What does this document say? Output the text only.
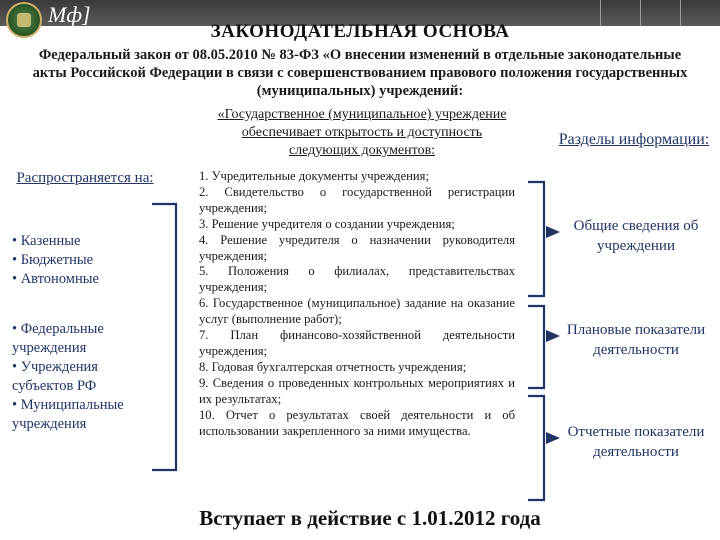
Мф]
ЗАКОНОДАТЕЛЬНАЯ ОСНОВА
Федеральный закон от 08.05.2010 № 83-ФЗ «О внесении изменений в отдельные законодательные акты Российской Федерации в связи с совершенствованием правового положения государственных (муниципальных) учреждений:
«Государственное (муниципальное) учреждение обеспечивает открытость и доступность следующих документов:
Распространяется на:
• Казенные
• Бюджетные
• Автономные
• Федеральные
учреждения
• Учреждения
субъектов РФ
• Муниципальные
учреждения

1. Учредительные документы учреждения;

2. Свидетельство о государственной регистрации учреждения;

3. Решение учредителя о создании учреждения;

4. Решение учредителя о назначении руководителя учреждения;

5. Положения о филиалах, представительствах учреждения;

6. Государственное (муниципальное) задание на оказание услуг (выполнение работ);

7. План финансово-хозяйственной деятельности учреждения;

8. Годовая бухгалтерская отчетность учреждения;

9. Сведения о проведенных контрольных мероприятиях и их результатах;

10. Отчет о результатах своей деятельности и об использовании закрепленного за ними имущества.

Разделы информации:
Общие сведения об учреждении
Плановые показатели деятельности
Отчетные показатели деятельности
Вступает в действие с 1.01.2012 года
